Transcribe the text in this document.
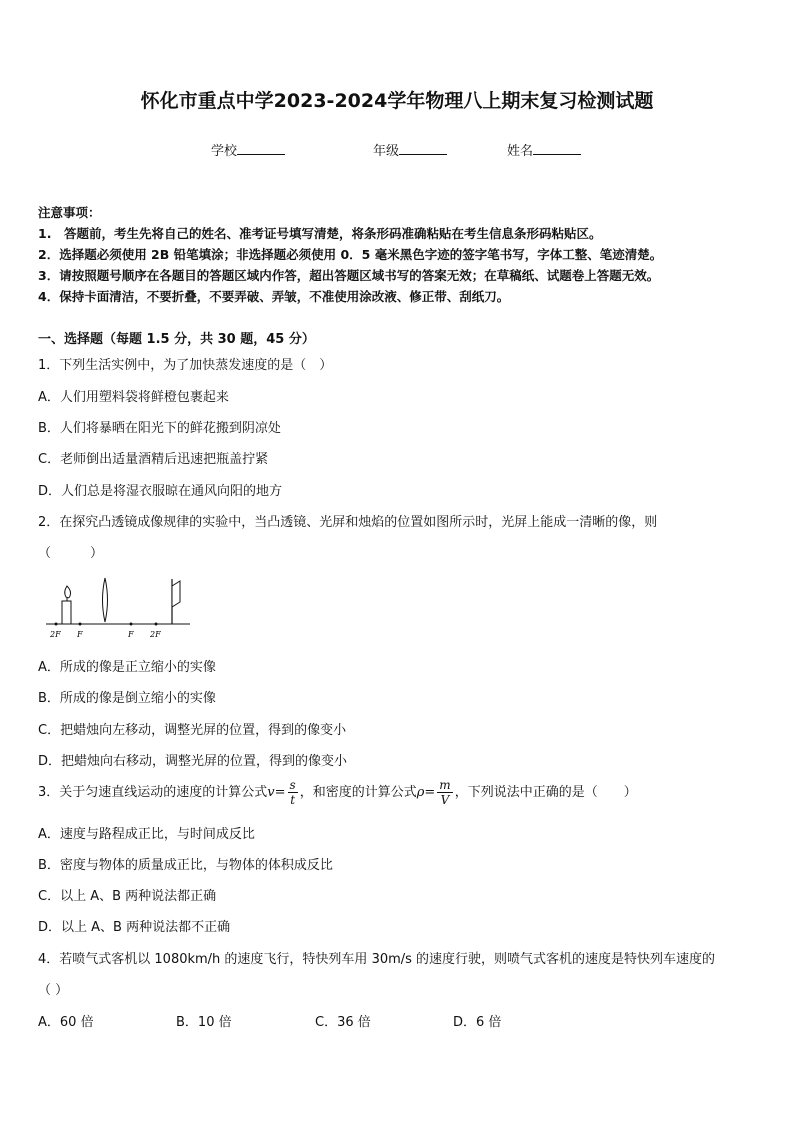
怀化市重点中学2023-2024学年物理八上期末复习检测试题
学校	年级	姓名
注意事项：
1.　答题前，考生先将自己的姓名、准考证号填写清楚，将条形码准确粘贴在考生信息条形码粘贴区。
2．选择题必须使用 2B 铅笔填涂；非选择题必须使用 0．5 毫米黑色字迹的签字笔书写，字体工整、笔迹清楚。
3．请按照题号顺序在各题目的答题区域内作答，超出答题区域书写的答案无效；在草稿纸、试题卷上答题无效。
4．保持卡面清洁，不要折叠，不要弄破、弄皱，不准使用涂改液、修正带、刮纸刀。
一、选择题（每题 1.5 分，共 30 题，45 分）
1．下列生活实例中，为了加快蒸发速度的是（　）
A．人们用塑料袋将鲜橙包裹起来
B．人们将暴晒在阳光下的鲜花搬到阴凉处
C．老师倒出适量酒精后迅速把瓶盖拧紧
D．人们总是将湿衣服晾在通风向阳的地方
2．在探究凸透镜成像规律的实验中，当凸透镜、光屏和烛焰的位置如图所示时，光屏上能成一清晰的像，则
（　　　）
2F F	F 2F
A．所成的像是正立缩小的实像
B．所成的像是倒立缩小的实像
C．把蜡烛向左移动，调整光屏的位置，得到的像变小
D．把蜡烛向右移动，调整光屏的位置，得到的像变小
3．关于匀速直线运动的速度的计算公式$v= \frac{s}{t}$ ，和密度的计算公式$\rho= \frac{m}{V}$ ，下列说法中正确的是（　　）
A．速度与路程成正比，与时间成反比
B．密度与物体的质量成正比，与物体的体积成反比
C．以上 A、B 两种说法都正确
D．以上 A、B 两种说法都不正确
4．若喷气式客机以 1080km/h 的速度飞行，特快列车用 30m/s 的速度行驶，则喷气式客机的速度是特快列车速度的
（ ）
A．60 倍	B．10 倍	C．36 倍	D．6 倍
